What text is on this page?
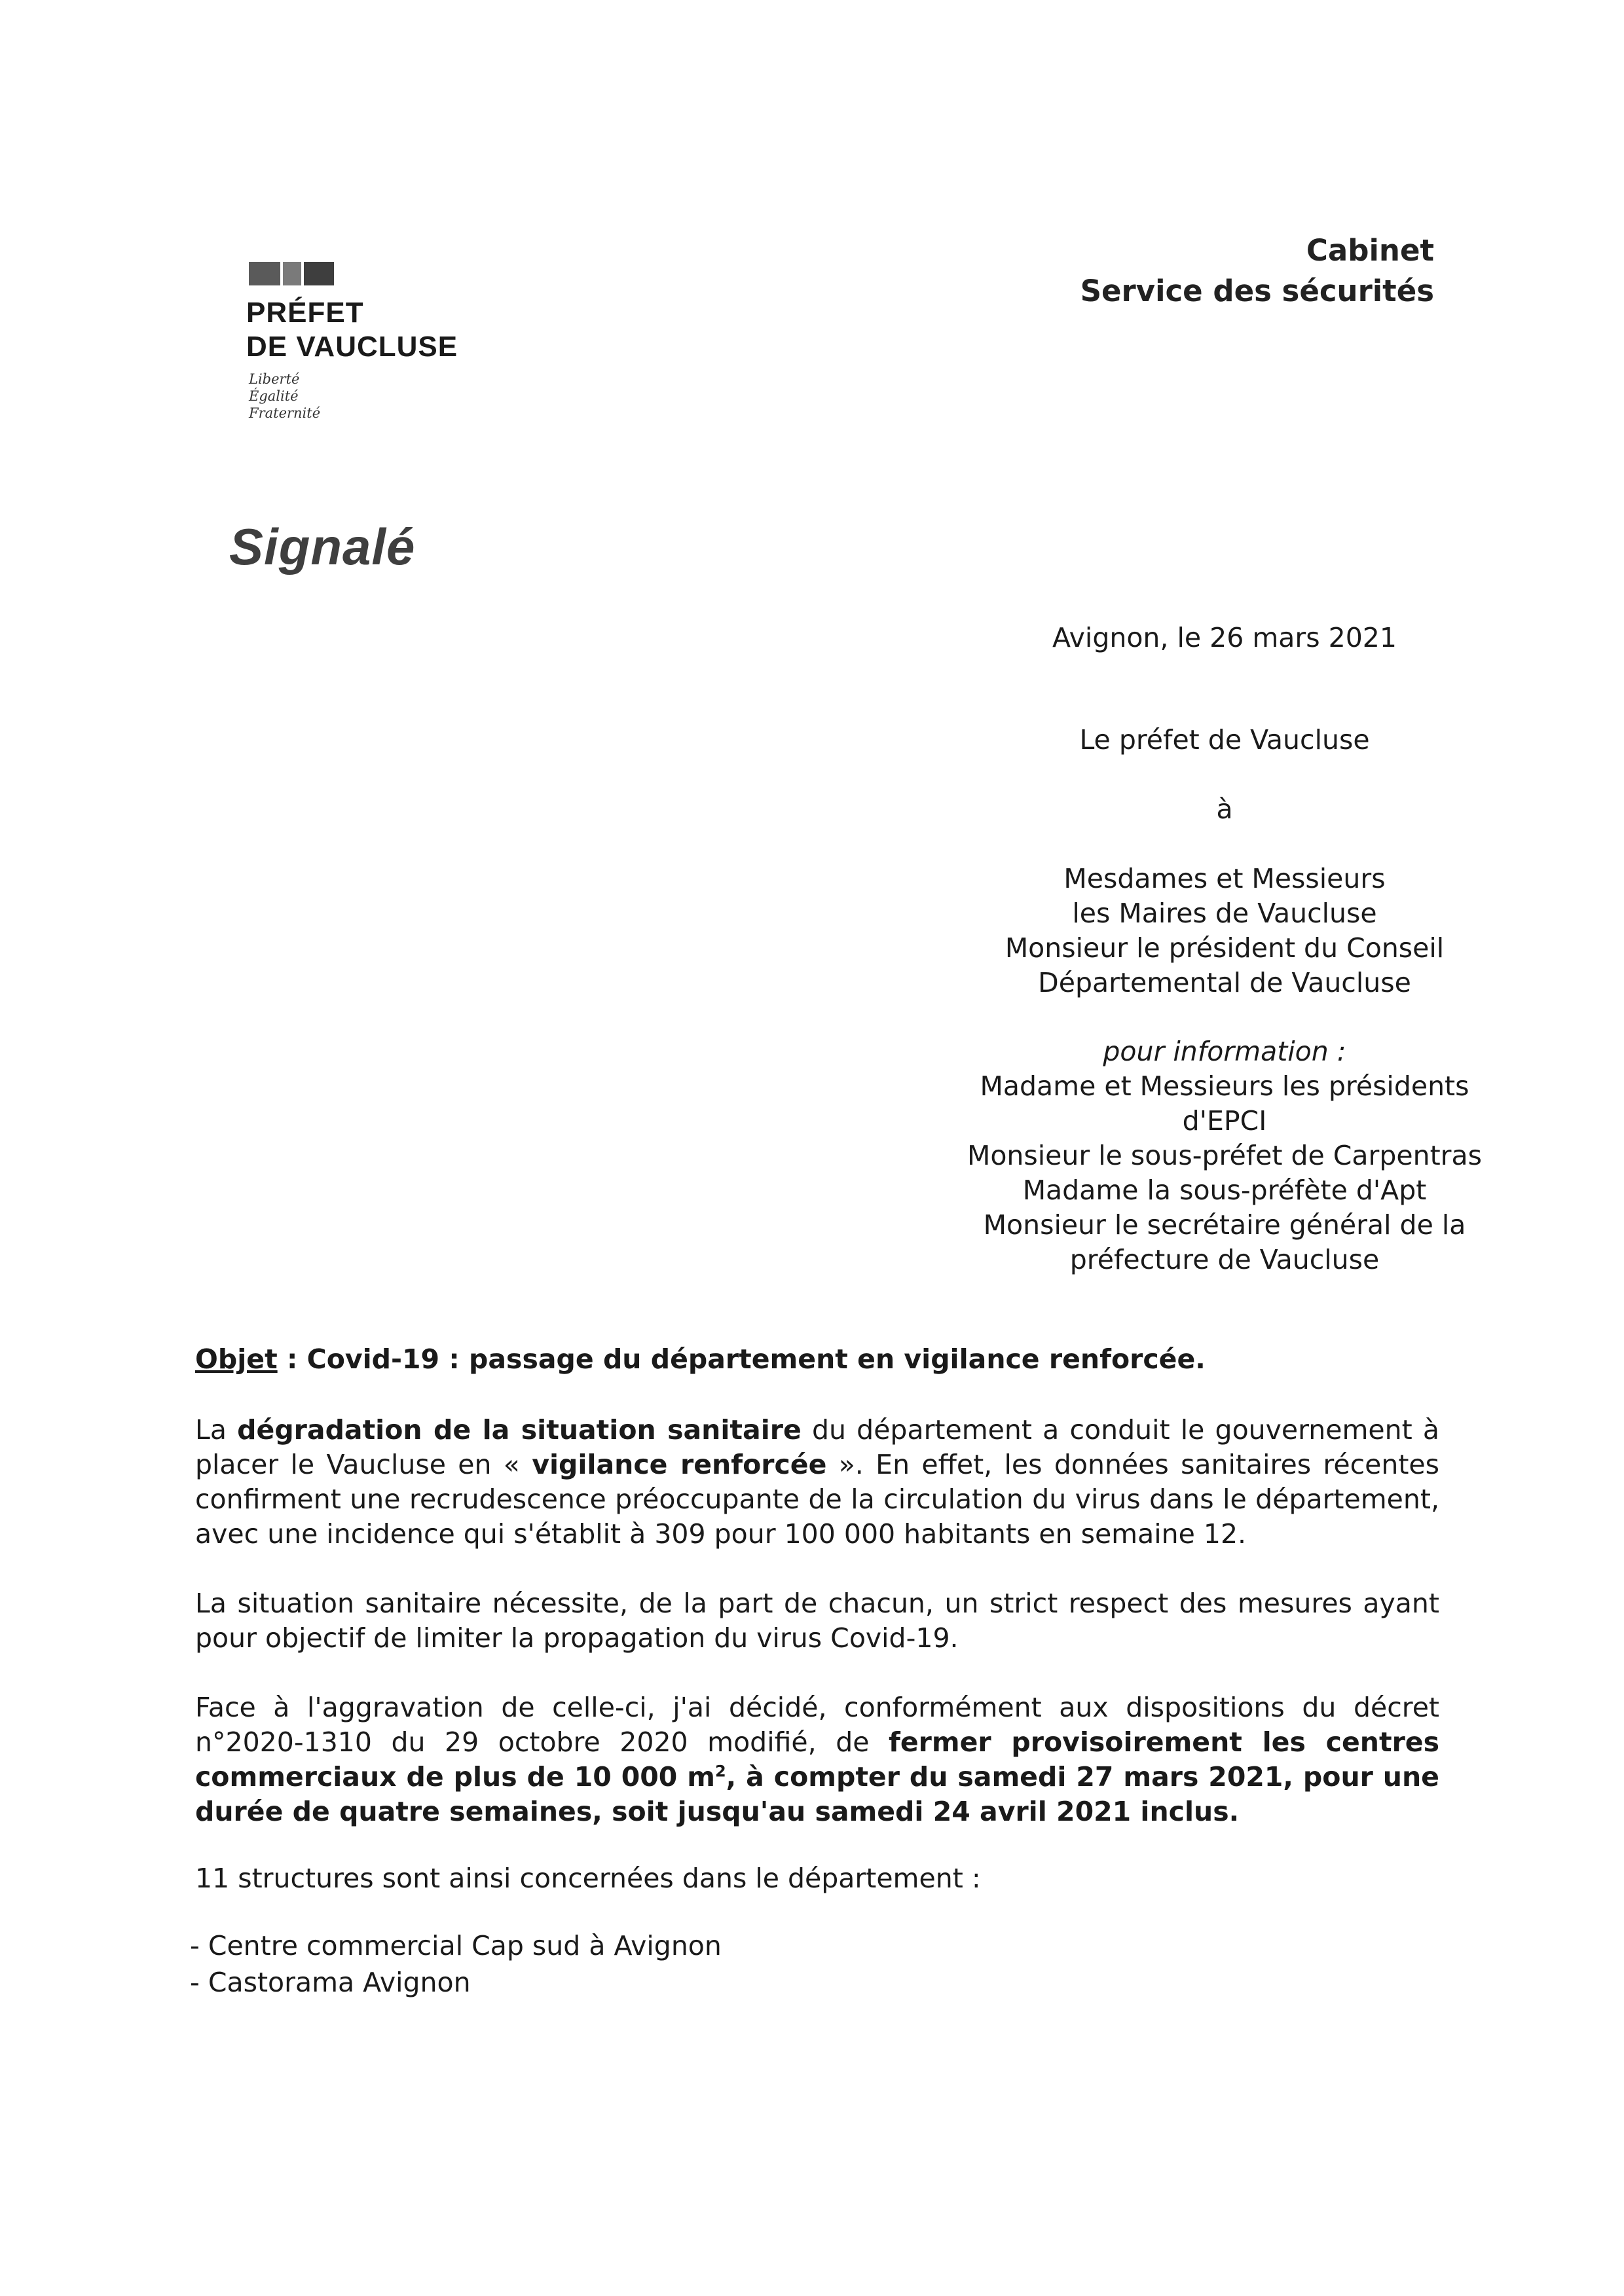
PRÉFET
DE VAUCLUSE
Liberté
Égalité
Fraternité
Cabinet
Service des sécurités
Signalé
Avignon, le 26 mars 2021
Le préfet de Vaucluse
à
Mesdames et Messieurs
les Maires de Vaucluse
Monsieur le président du Conseil
Départemental de Vaucluse
pour information :
Madame et Messieurs les présidents
d'EPCI
Monsieur le sous-préfet de Carpentras
Madame la sous-préfète d'Apt
Monsieur le secrétaire général de la
préfecture de Vaucluse
Objet : Covid-19 : passage du département en vigilance renforcée.
La dégradation de la situation sanitaire du département a conduit le gouvernement à placer le Vaucluse en « vigilance renforcée ». En effet, les données sanitaires récentes confirment une recrudescence préoccupante de la circulation du virus dans le département, avec une incidence qui s'établit à 309 pour 100 000 habitants en semaine 12.
La situation sanitaire nécessite, de la part de chacun, un strict respect des mesures ayant pour objectif de limiter la propagation du virus Covid-19.
Face à l'aggravation de celle-ci, j'ai décidé, conformément aux dispositions du décret n°2020-1310 du 29 octobre 2020 modifié, de fermer provisoirement les centres commerciaux de plus de 10 000 $m^2$, à compter du samedi 27 mars 2021, pour une durée de quatre semaines, soit jusqu'au samedi 24 avril 2021 inclus.
11 structures sont ainsi concernées dans le département :
- Centre commercial Cap sud à Avignon
- Castorama Avignon
